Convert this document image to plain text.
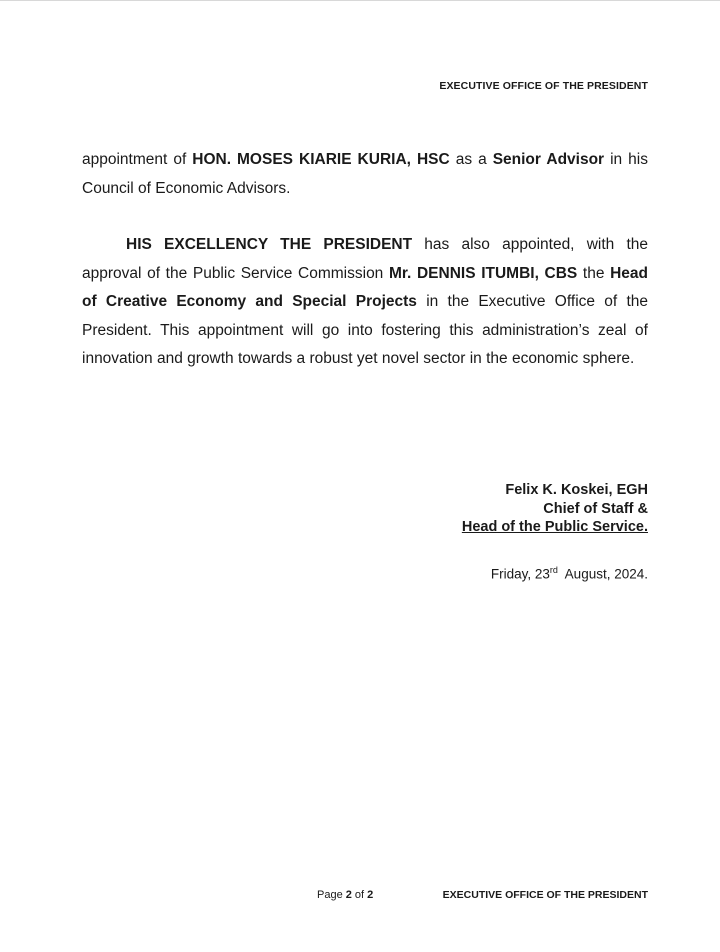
EXECUTIVE OFFICE OF THE PRESIDENT
appointment of HON. MOSES KIARIE KURIA, HSC as a Senior Advisor in his Council of Economic Advisors.
HIS EXCELLENCY THE PRESIDENT has also appointed, with the approval of the Public Service Commission Mr. DENNIS ITUMBI, CBS the Head of Creative Economy and Special Projects in the Executive Office of the President. This appointment will go into fostering this administration’s zeal of innovation and growth towards a robust yet novel sector in the economic sphere.
Felix K. Koskei, EGH
Chief of Staff &
Head of the Public Service.
Friday, 23rd  August, 2024.
Page 2 of 2	EXECUTIVE OFFICE OF THE PRESIDENT
